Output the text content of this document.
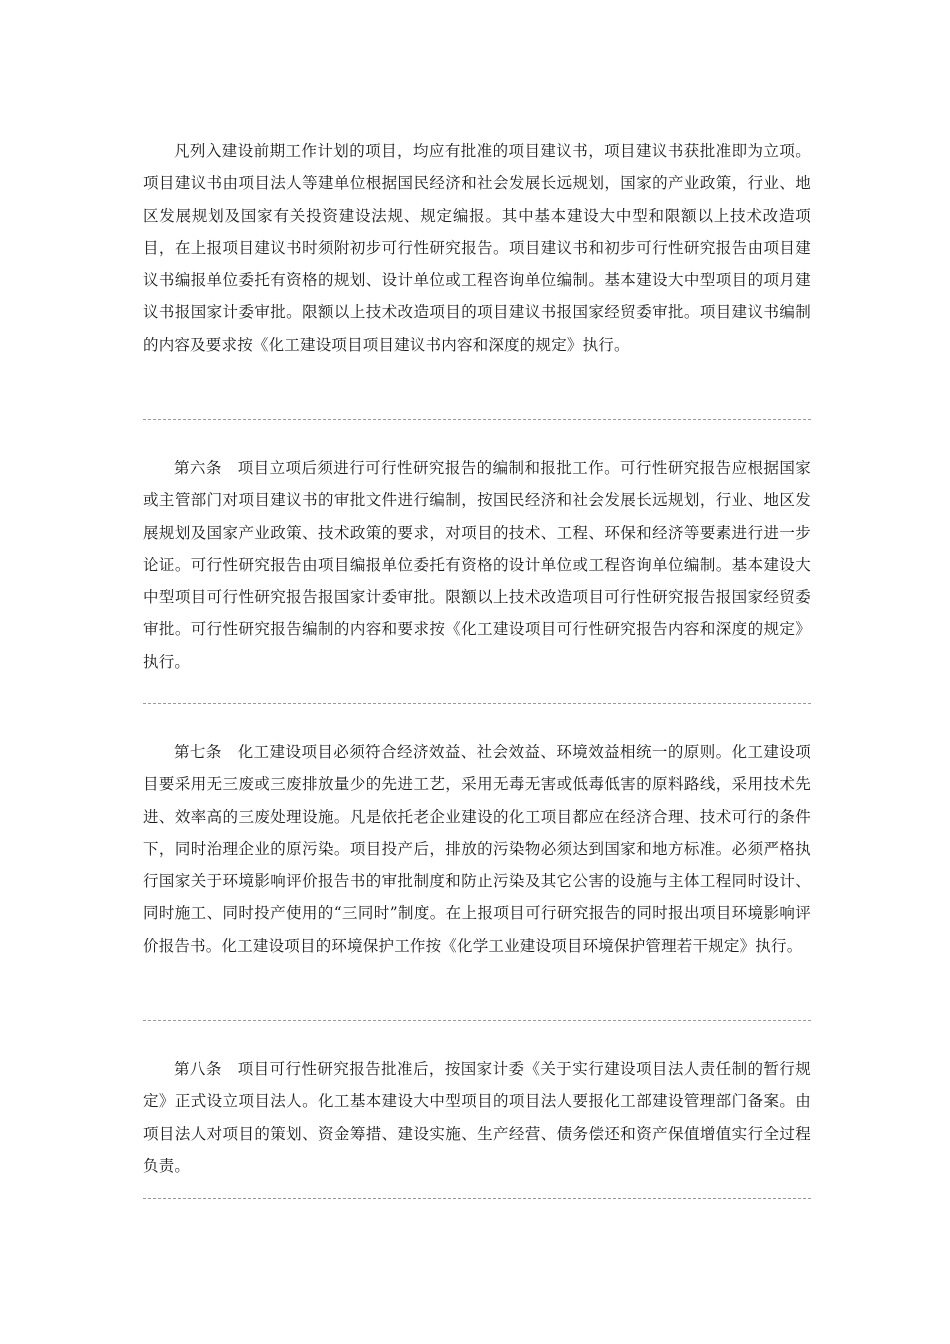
凡列入建设前期工作计划的项目，均应有批准的项目建议书，项目建议书获批准即为立项。项目建议书由项目法人等建单位根据国民经济和社会发展长远规划，国家的产业政策，行业、地区发展规划及国家有关投资建设法规、规定编报。其中基本建设大中型和限额以上技术改造项目，在上报项目建议书时须附初步可行性研究报告。项目建议书和初步可行性研究报告由项目建议书编报单位委托有资格的规划、设计单位或工程咨询单位编制。基本建设大中型项目的项月建议书报国家计委审批。限额以上技术改造项目的项目建议书报国家经贸委审批。项目建议书编制的内容及要求按《化工建设项目项目建议书内容和深度的规定》执行。

第六条　项目立项后须进行可行性研究报告的编制和报批工作。可行性研究报告应根据国家或主管部门对项目建议书的审批文件进行编制，按国民经济和社会发展长远规划，行业、地区发展规划及国家产业政策、技术政策的要求，对项目的技术、工程、环保和经济等要素进行进一步论证。可行性研究报告由项目编报单位委托有资格的设计单位或工程咨询单位编制。基本建设大中型项目可行性研究报告报国家计委审批。限额以上技术改造项目可行性研究报告报国家经贸委审批。可行性研究报告编制的内容和要求按《化工建设项目可行性研究报告内容和深度的规定》执行。

第七条　化工建设项目必须符合经济效益、社会效益、环境效益相统一的原则。化工建设项目要采用无三废或三废排放量少的先进工艺，采用无毒无害或低毒低害的原料路线，采用技术先进、效率高的三废处理设施。凡是依托老企业建设的化工项目都应在经济合理、技术可行的条件下，同时治理企业的原污染。项目投产后，排放的污染物必须达到国家和地方标准。必须严格执行国家关于环境影响评价报告书的审批制度和防止污染及其它公害的设施与主体工程同时设计、同时施工、同时投产使用的“三同时”制度。在上报项目可行研究报告的同时报出项目环境影响评价报告书。化工建设项目的环境保护工作按《化学工业建设项目环境保护管理若干规定》执行。

第八条　项目可行性研究报告批准后，按国家计委《关于实行建设项目法人责任制的暂行规定》正式设立项目法人。化工基本建设大中型项目的项目法人要报化工部建设管理部门备案。由项目法人对项目的策划、资金筹措、建设实施、生产经营、债务偿还和资产保值增值实行全过程负责。
